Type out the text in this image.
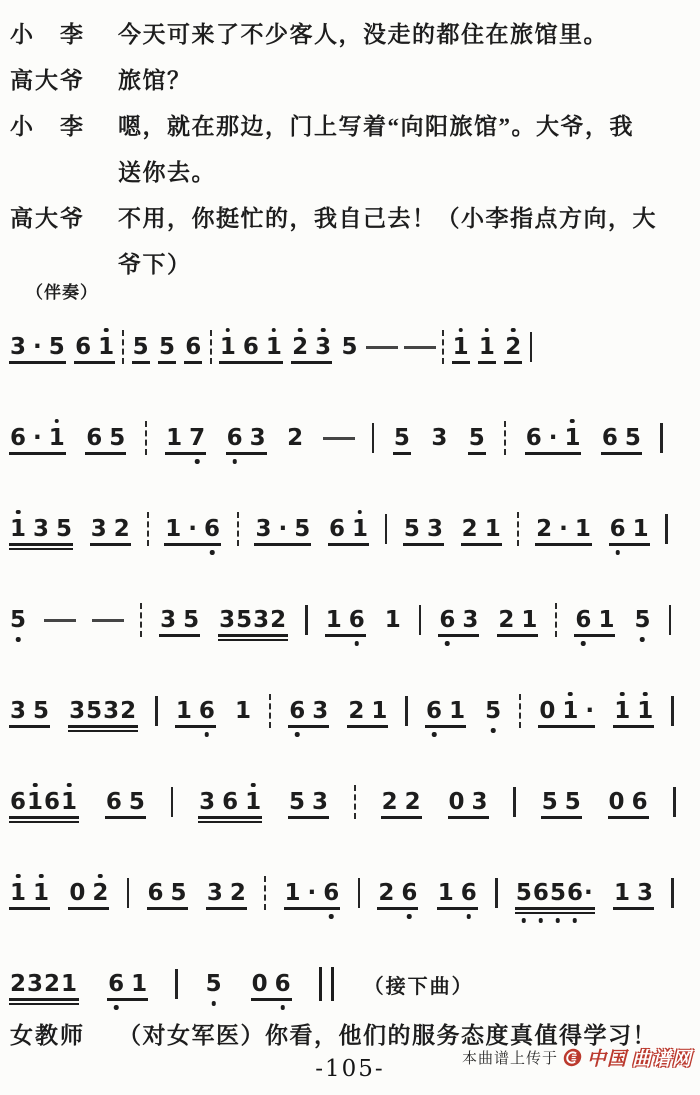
小　李	今天可来了不少客人，没走的都住在旅馆里。
高大爷	旅馆？
小　李	嗯，就在那边，门上写着“向阳旅馆”。大爷，我
送你去。
高大爷	不用，你挺忙的，我自己去！（小李指点方向，大
爷下）
（伴奏）
3 · 5 6 1 5 5 6 1 6 1 2 3 5	1 1 2
6 · 1 6 5 1 7 6 3 2	5 3 5 6 · 1 6 5
1 3 5 3 2 1 · 6 3 · 5 6 1 5 3 2 1 2 · 1 6 1
5	3 5 3532 1 6 1 6 3 2 1 6 1 5
3 5 3532 1 6 1 6 3 2 1 6 1 5 0 1 · 1 1
6161 6 5 3 6 1 5 3 2 2 0 3 5 5 0 6
1 1 0 2 6 5 3 2 1 · 6 2 6 1 6 5656· 1 3
2321 6 1	5 0 6	（接下曲）
女教师	（对女军医）你看，他们的服务态度真值得学习！
-105-	本曲谱上传于 中国 曲谱网
